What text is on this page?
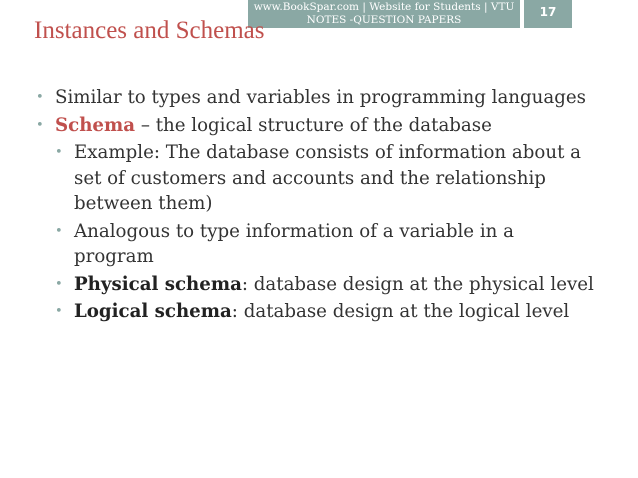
www.BookSpar.com | Website for Students | VTU
NOTES -QUESTION PAPERS
17
Instances and Schemas
• Similar to types and variables in programming languages
• Schema – the logical structure of the database
• Example: The database consists of information about a set of customers and accounts and the relationship between them)
• Analogous to type information of a variable in a program
• Physical schema: database design at the physical level
• Logical schema: database design at the logical level
